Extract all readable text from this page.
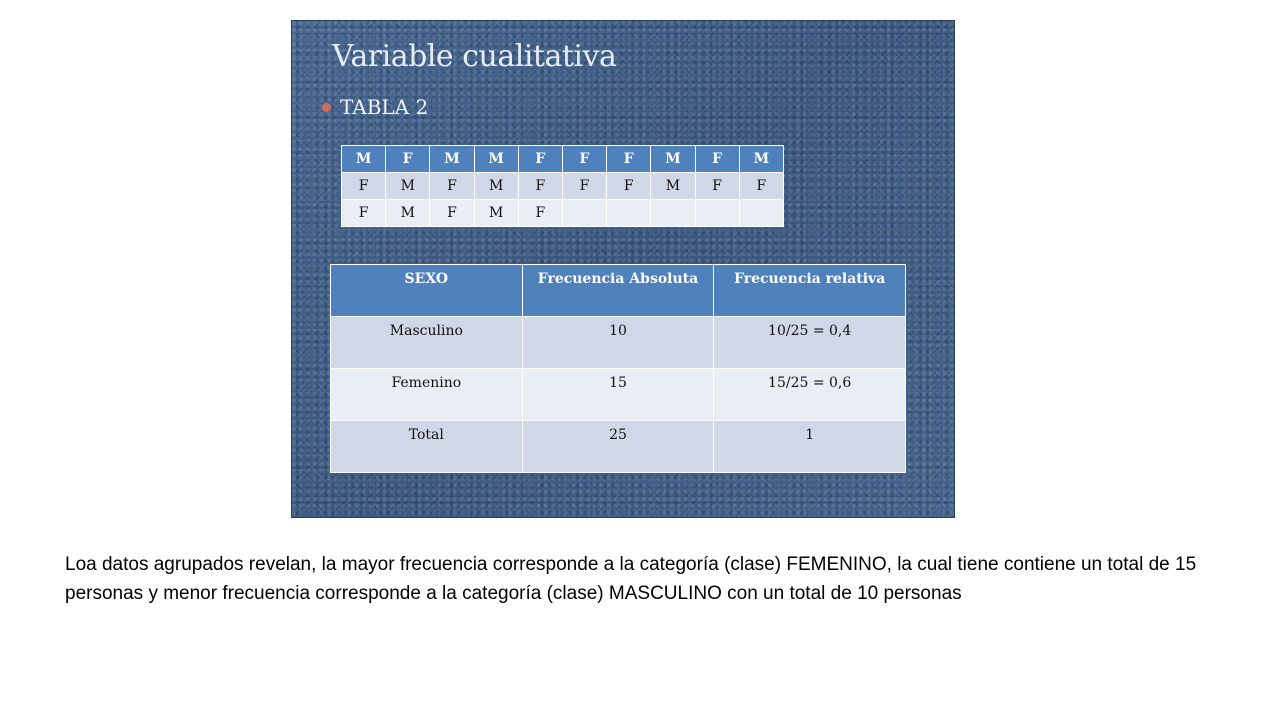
Variable cualitativa
TABLA 2
M	F	M	M	F	F	F	M	F	M
F	M	F	M	F	F	F	M	F	F
F	M	F	M	F					
SEXO	Frecuencia Absoluta	Frecuencia relativa
Masculino	10	10/25 = 0,4
Femenino	15	15/25 = 0,6
Total	25	1
Loa datos agrupados revelan, la mayor frecuencia corresponde a la categoría (clase) FEMENINO, la cual tiene contiene un total de 15 personas y menor frecuencia corresponde a la categoría (clase) MASCULINO con un total de 10 personas
